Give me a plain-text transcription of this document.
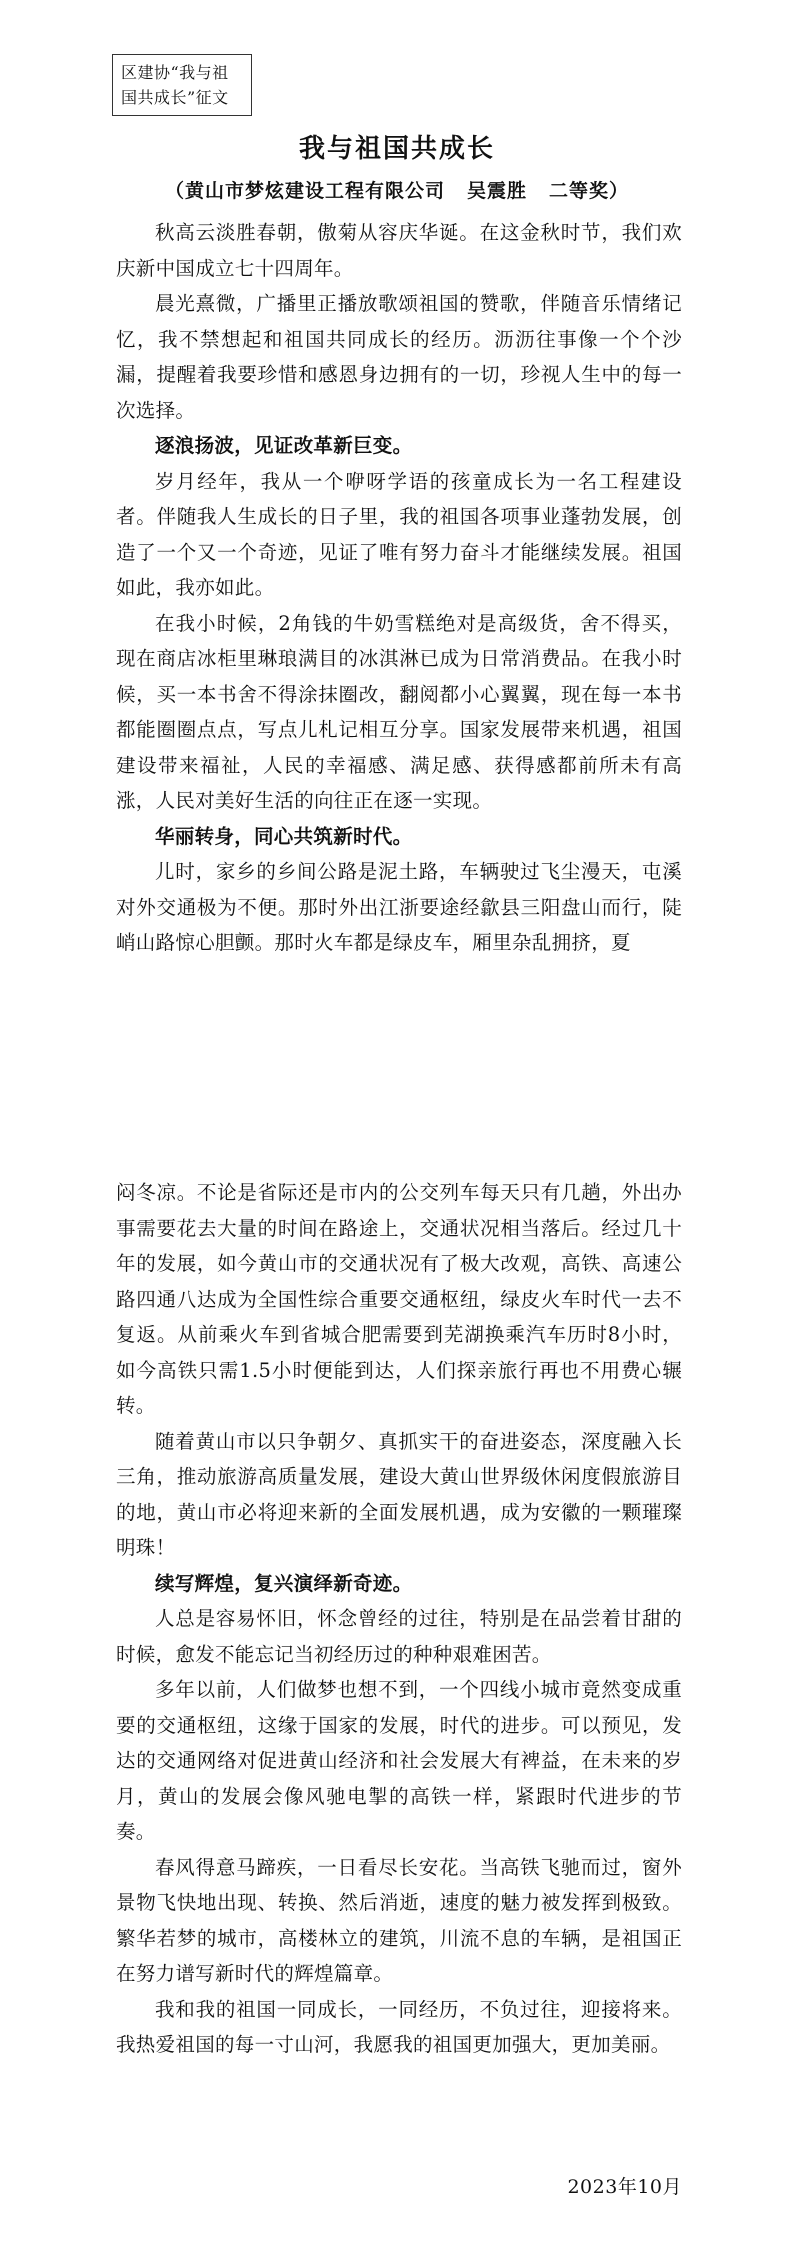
区建协“我与祖
国共成长”征文
我与祖国共成长
（黄山市梦炫建设工程有限公司 吴震胜 二等奖）

秋高云淡胜春朝，傲菊从容庆华诞。在这金秋时节，我们欢庆新中国成立七十四周年。

晨光熹微，广播里正播放歌颂祖国的赞歌，伴随音乐情绪记忆，我不禁想起和祖国共同成长的经历。沥沥往事像一个个沙漏，提醒着我要珍惜和感恩身边拥有的一切，珍视人生中的每一次选择。

逐浪扬波，见证改革新巨变。

岁月经年，我从一个咿呀学语的孩童成长为一名工程建设者。伴随我人生成长的日子里，我的祖国各项事业蓬勃发展，创造了一个又一个奇迹，见证了唯有努力奋斗才能继续发展。祖国如此，我亦如此。

在我小时候，2角钱的牛奶雪糕绝对是高级货，舍不得买，现在商店冰柜里琳琅满目的冰淇淋已成为日常消费品。在我小时候，买一本书舍不得涂抹圈改，翻阅都小心翼翼，现在每一本书都能圈圈点点，写点儿札记相互分享。国家发展带来机遇，祖国建设带来福祉，人民的幸福感、满足感、获得感都前所未有高涨，人民对美好生活的向往正在逐一实现。

华丽转身，同心共筑新时代。

儿时，家乡的乡间公路是泥土路，车辆驶过飞尘漫天，屯溪对外交通极为不便。那时外出江浙要途经歙县三阳盘山而行，陡峭山路惊心胆颤。那时火车都是绿皮车，厢里杂乱拥挤，夏

闷冬凉。不论是省际还是市内的公交列车每天只有几趟，外出办事需要花去大量的时间在路途上，交通状况相当落后。经过几十年的发展，如今黄山市的交通状况有了极大改观，高铁、高速公路四通八达成为全国性综合重要交通枢纽，绿皮火车时代一去不复返。从前乘火车到省城合肥需要到芜湖换乘汽车历时8小时，如今高铁只需1.5小时便能到达，人们探亲旅行再也不用费心辗转。

随着黄山市以只争朝夕、真抓实干的奋进姿态，深度融入长三角，推动旅游高质量发展，建设大黄山世界级休闲度假旅游目的地，黄山市必将迎来新的全面发展机遇，成为安徽的一颗璀璨明珠！

续写辉煌，复兴演绎新奇迹。

人总是容易怀旧，怀念曾经的过往，特别是在品尝着甘甜的时候，愈发不能忘记当初经历过的种种艰难困苦。

多年以前，人们做梦也想不到，一个四线小城市竟然变成重要的交通枢纽，这缘于国家的发展，时代的进步。可以预见，发达的交通网络对促进黄山经济和社会发展大有裨益，在未来的岁月，黄山的发展会像风驰电掣的高铁一样，紧跟时代进步的节奏。

春风得意马蹄疾，一日看尽长安花。当高铁飞驰而过，窗外景物飞快地出现、转换、然后消逝，速度的魅力被发挥到极致。繁华若梦的城市，高楼林立的建筑，川流不息的车辆，是祖国正在努力谱写新时代的辉煌篇章。

我和我的祖国一同成长，一同经历，不负过往，迎接将来。我热爱祖国的每一寸山河，我愿我的祖国更加强大，更加美丽。

2023年10月
